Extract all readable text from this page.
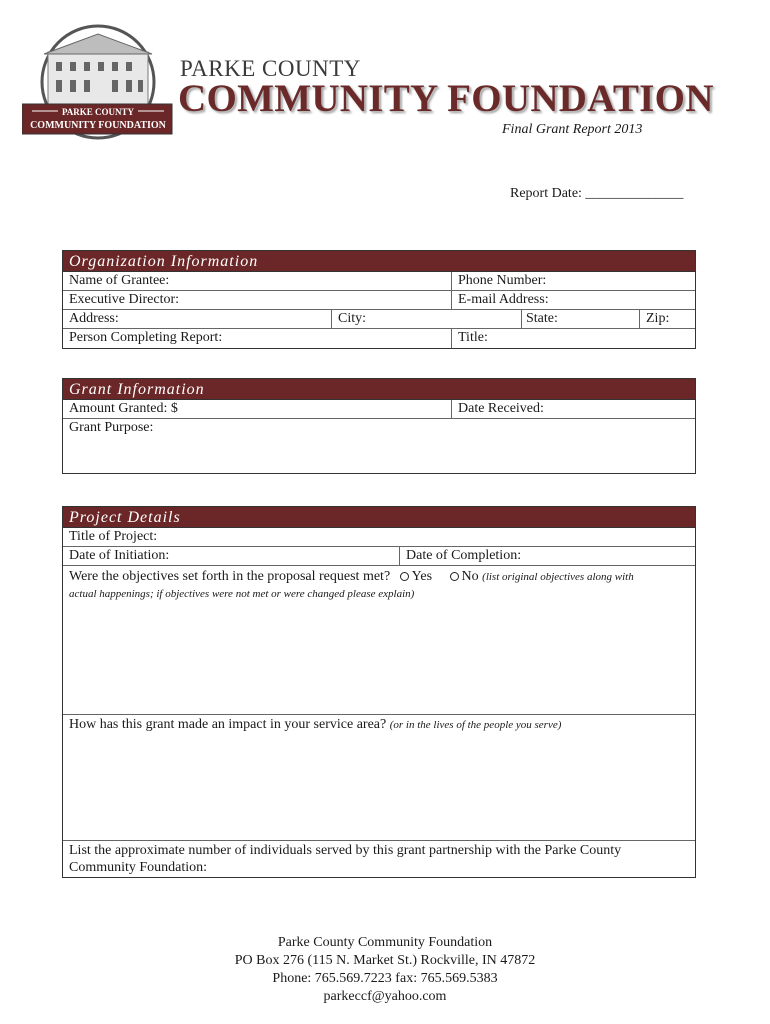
PARKE COUNTY
COMMUNITY FOUNDATION
PARKE COUNTY
COMMUNITY FOUNDATION
Final Grant Report 2013
Report Date: ______________
Organization Information
Name of Grantee:	Phone Number:
Executive Director:	E-mail Address:
Address:	City:	State:	Zip:
Person Completing Report:	Title:
Grant Information
Amount Granted: $	Date Received:
Grant Purpose:
Project Details
Title of Project:
Date of Initiation:	Date of Completion:
Were the objectives set forth in the proposal request met? Yes No (list original objectives along with
actual happenings; if objectives were not met or were changed please explain)
How has this grant made an impact in your service area? (or in the lives of the people you serve)
List the approximate number of individuals served by this grant partnership with the Parke County
Community Foundation:
Parke County Community Foundation
PO Box 276 (115 N. Market St.) Rockville, IN 47872
Phone: 765.569.7223 fax: 765.569.5383
parkeccf@yahoo.com
